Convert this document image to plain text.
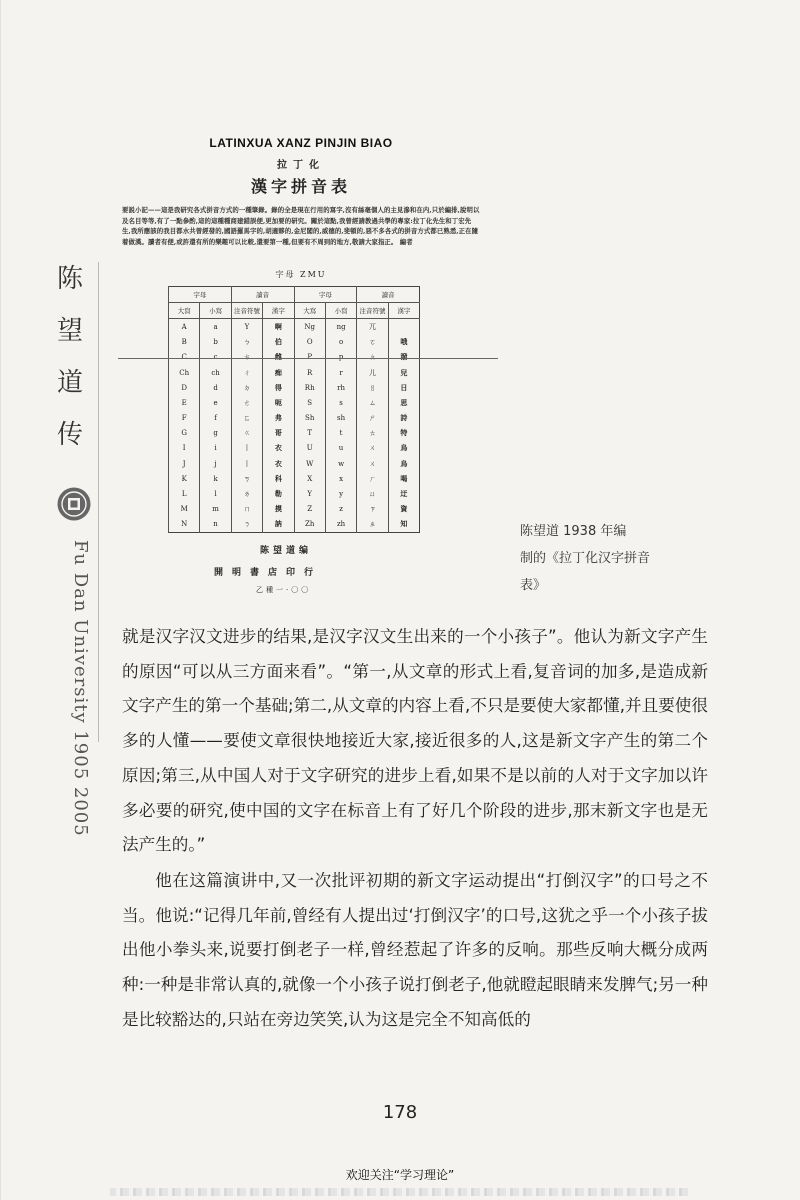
陈
望
道
传
Fu Dan University 1905 2005
LATINXUA XANZ PINJIN BIAO
拉丁化
漢字拼音表
要説小記——這是我研究各式拼音方式的一種筆錄。錄的全是現在行用的寫字,沒有絲毫個人的主見滲和在内,只於編排,說明以及名目等等,有了一點參酌,這的這種種商建錯誤便,更加要的研究。關於這點,我曾經請教過共學的專家:拉丁化先生和丁宏先生,我所應該的我目都水共曾經發的,國語羅馬字的,胡適夥的,金尼閣的,威德的,斐頓的,惡不多各式的拼音方式都已熟悉,正在隨着做漢。讀者有便,或許還有所的樂趣可以比較,還要第一種,但要有不周到的地方,敬請大家指正。 編者
字母 ZMU
字母		讀音		字母		讀音	
大寫	小寫	注音符號	漢字	大寫	小寫	注音符號	漢字
A	a	Y	啊	Ng	ng	兀	
B	b	ㄅ	伯	O	o	ㄛ	哦
C	c	ㄘ	雌	P	p	ㄆ	潑
Ch	ch	ㄔ	痴	R	r	儿	兒
D	d	ㄉ	得	Rh	rh	ㄖ	日
E	e	ㄜ	呃	S	s	ㄙ	思
F	f	ㄈ	弗	Sh	sh	ㄕ	詩
G	g	ㄍ	哥	T	t	ㄊ	特
I	i	丨	衣	U	u	ㄨ	烏
J	j	丨	衣	W	w	ㄨ	烏
K	k	ㄎ	科	X	x	ㄏ	喝
L	l	ㄌ	勒	Y	y	ㄩ	迂
M	m	ㄇ	摸	Z	z	ㄗ	資
N	n	ㄋ	訥	Zh	zh	ㄓ	知
陈望道编
開明書店印行
乙種一·〇〇
陈望道 1938 年编
制的《拉丁化汉字拼音
表》

就是汉字汉文进步的结果,是汉字汉文生出来的一个小孩子”。他认为新文字产生的原因“可以从三方面来看”。“第一,从文章的形式上看,复音词的加多,是造成新文字产生的第一个基础;第二,从文章的内容上看,不只是要使大家都懂,并且要使很多的人懂——要使文章很快地接近大家,接近很多的人,这是新文字产生的第二个原因;第三,从中国人对于文字研究的进步上看,如果不是以前的人对于文字加以许多必要的研究,使中国的文字在标音上有了好几个阶段的进步,那末新文字也是无法产生的。”

他在这篇演讲中,又一次批评初期的新文字运动提出“打倒汉字”的口号之不当。他说:“记得几年前,曾经有人提出过‘打倒汉字’的口号,这犹之乎一个小孩子拔出他小拳头来,说要打倒老子一样,曾经惹起了许多的反响。那些反响大概分成两种:一种是非常认真的,就像一个小孩子说打倒老子,他就瞪起眼睛来发脾气;另一种是比较豁达的,只站在旁边笑笑,认为这是完全不知高低的

178
欢迎关注“学习理论”
